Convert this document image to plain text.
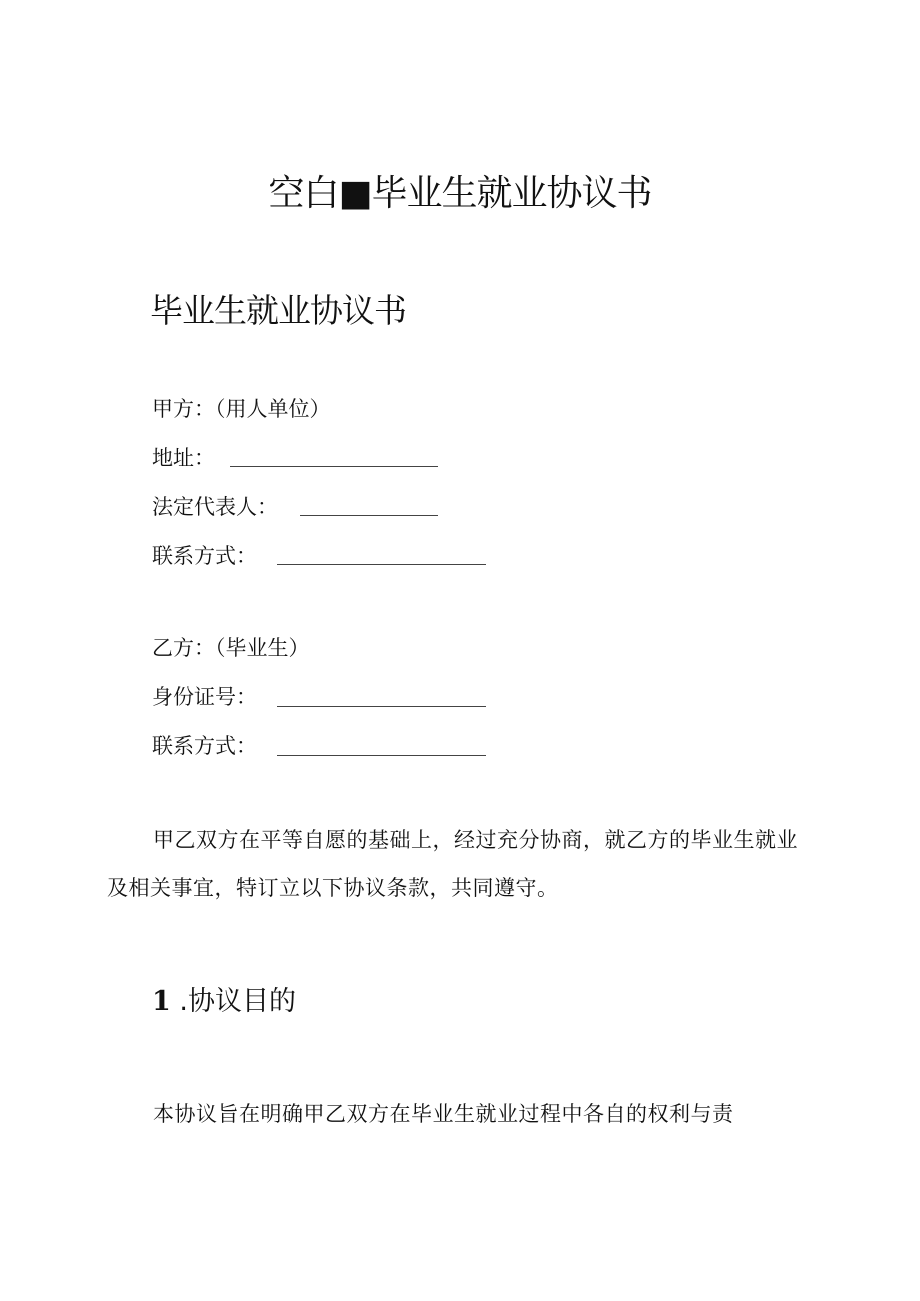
空白■毕业生就业协议书
毕业生就业协议书
甲方：（用人单位）
地址：
法定代表人：
联系方式：
乙方：（毕业生）
身份证号：
联系方式：

甲乙双方在平等自愿的基础上，经过充分协商，就乙方的毕业生就业及相关事宜，特订立以下协议条款，共同遵守。

1 .协议目的

本协议旨在明确甲乙双方在毕业生就业过程中各自的权利与责
